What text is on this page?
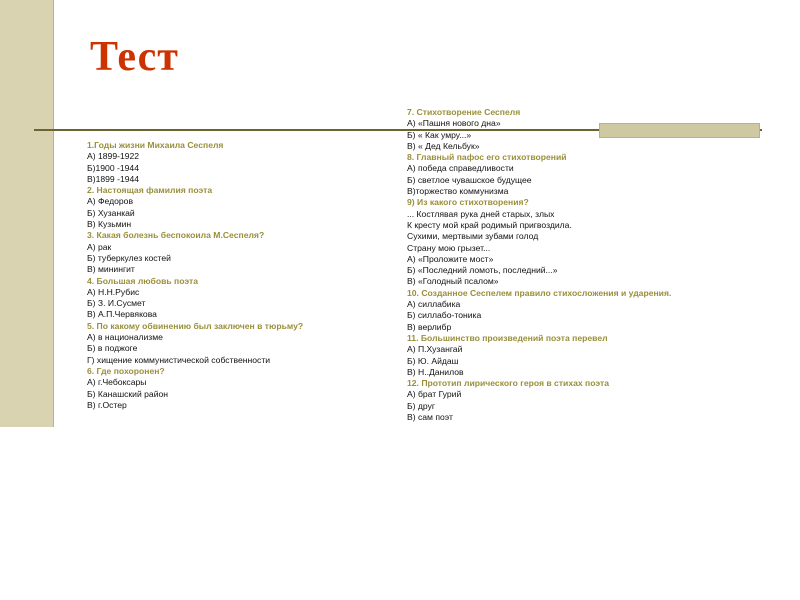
Тест
1.Годы жизни Михаила Сеспеля
А) 1899-1922
Б)1900 -1944
В)1899 -1944
2. Настоящая фамилия поэта
А) Федоров
Б) Хузанкай
В) Кузьмин
3. Какая болезнь беспокоила М.Сеспеля?
А) рак
Б) туберкулез костей
В) минингит
4. Большая любовь поэта
А) Н.Н.Рубис
Б) З. И.Сусмет
В) А.П.Червякова
5. По какому обвинению был заключен в тюрьму?
А) в национализме
Б) в поджоге
Г) хищение коммунистической собственности
6. Где похоронен?
А) г.Чебоксары
Б) Канашский район
В) г.Остер
7. Стихотворение Сеспеля
А) «Пашня нового дна»
Б) « Как умру...»
В) « Дед Кельбук»
8. Главный пафос его стихотворений
А) победа справедливости
Б) светлое чувашское будущее
В)торжество коммунизма
9) Из какого стихотворения?
... Костлявая рука дней старых, злых
К кресту мой край родимый пригвоздила.
Сухими, мертвыми зубами голод
Страну мою грызет...
А) «Проложите мост»
Б) «Последний ломоть, последний...»
В) «Голодный псалом»
10. Созданное Сеспелем правило стихосложения и ударения.
А) силлабика
Б) силлабо-тоника
В) верлибр
11. Большинство произведений поэта перевел
А) П.Хузангай
Б) Ю. Айдаш
В) Н..Данилов
12. Прототип лирического героя в стихах поэта
А) брат Гурий
Б) друг
В) сам поэт
